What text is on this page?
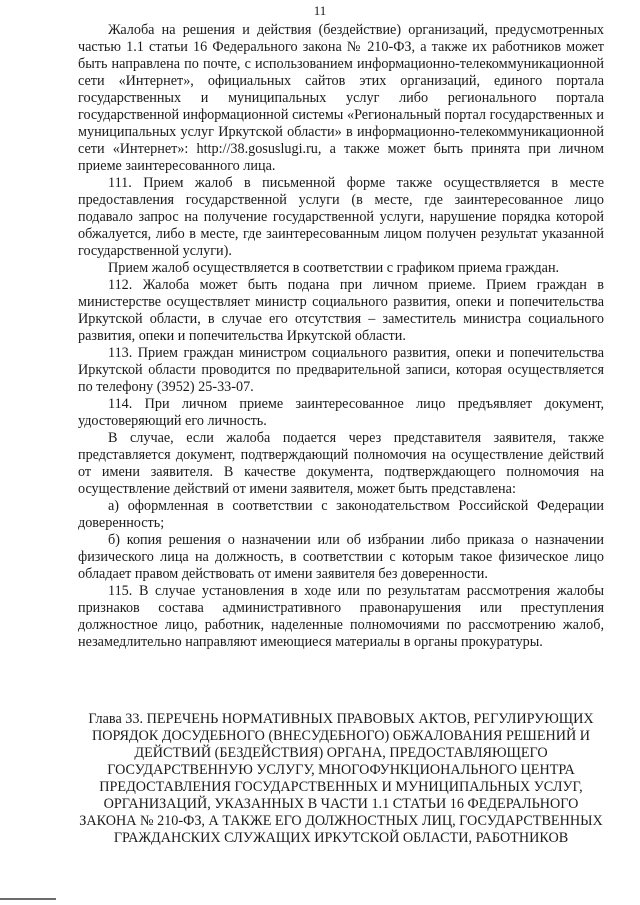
11

Жалоба на решения и действия (бездействие) организаций, предусмотренных частью 1.1 статьи 16 Федерального закона № 210-ФЗ, а также их работников может быть направлена по почте, с использованием информационно-телекоммуникационной сети «Интернет», официальных сайтов этих организаций, единого портала государственных и муниципальных услуг либо регионального портала государственной информационной системы «Региональный портал государственных и муниципальных услуг Иркутской области» в информационно-телекоммуникационной сети «Интернет»: http://38.gosuslugi.ru, а также может быть принята при личном приеме заинтересованного лица.

111. Прием жалоб в письменной форме также осуществляется в месте предоставления государственной услуги (в месте, где заинтересованное лицо подавало запрос на получение государственной услуги, нарушение порядка которой обжалуется, либо в месте, где заинтересованным лицом получен результат указанной государственной услуги).

Прием жалоб осуществляется в соответствии с графиком приема граждан.

112. Жалоба может быть подана при личном приеме. Прием граждан в министерстве осуществляет министр социального развития, опеки и попечительства Иркутской области, в случае его отсутствия – заместитель министра социального развития, опеки и попечительства Иркутской области.

113. Прием граждан министром социального развития, опеки и попечительства Иркутской области проводится по предварительной записи, которая осуществляется по телефону (3952) 25-33-07.

114. При личном приеме заинтересованное лицо предъявляет документ, удостоверяющий его личность.

В случае, если жалоба подается через представителя заявителя, также представляется документ, подтверждающий полномочия на осуществление действий от имени заявителя. В качестве документа, подтверждающего полномочия на осуществление действий от имени заявителя, может быть представлена:

а) оформленная в соответствии с законодательством Российской Федерации доверенность;

б) копия решения о назначении или об избрании либо приказа о назначении физического лица на должность, в соответствии с которым такое физическое лицо обладает правом действовать от имени заявителя без доверенности.

115. В случае установления в ходе или по результатам рассмотрения жалобы признаков состава административного правонарушения или преступления должностное лицо, работник, наделенные полномочиями по рассмотрению жалоб, незамедлительно направляют имеющиеся материалы в органы прокуратуры.

Глава 33. ПЕРЕЧЕНЬ НОРМАТИВНЫХ ПРАВОВЫХ АКТОВ, РЕГУЛИРУЮЩИХ ПОРЯДОК ДОСУДЕБНОГО (ВНЕСУДЕБНОГО) ОБЖАЛОВАНИЯ РЕШЕНИЙ И ДЕЙСТВИЙ (БЕЗДЕЙСТВИЯ) ОРГАНА, ПРЕДОСТАВЛЯЮЩЕГО ГОСУДАРСТВЕННУЮ УСЛУГУ, МНОГОФУНКЦИОНАЛЬНОГО ЦЕНТРА ПРЕДОСТАВЛЕНИЯ ГОСУДАРСТВЕННЫХ И МУНИЦИПАЛЬНЫХ УСЛУГ, ОРГАНИЗАЦИЙ, УКАЗАННЫХ В ЧАСТИ 1.1 СТАТЬИ 16 ФЕДЕРАЛЬНОГО ЗАКОНА № 210-ФЗ, А ТАКЖЕ ЕГО ДОЛЖНОСТНЫХ ЛИЦ, ГОСУДАРСТВЕННЫХ ГРАЖДАНСКИХ СЛУЖАЩИХ ИРКУТСКОЙ ОБЛАСТИ, РАБОТНИКОВ
